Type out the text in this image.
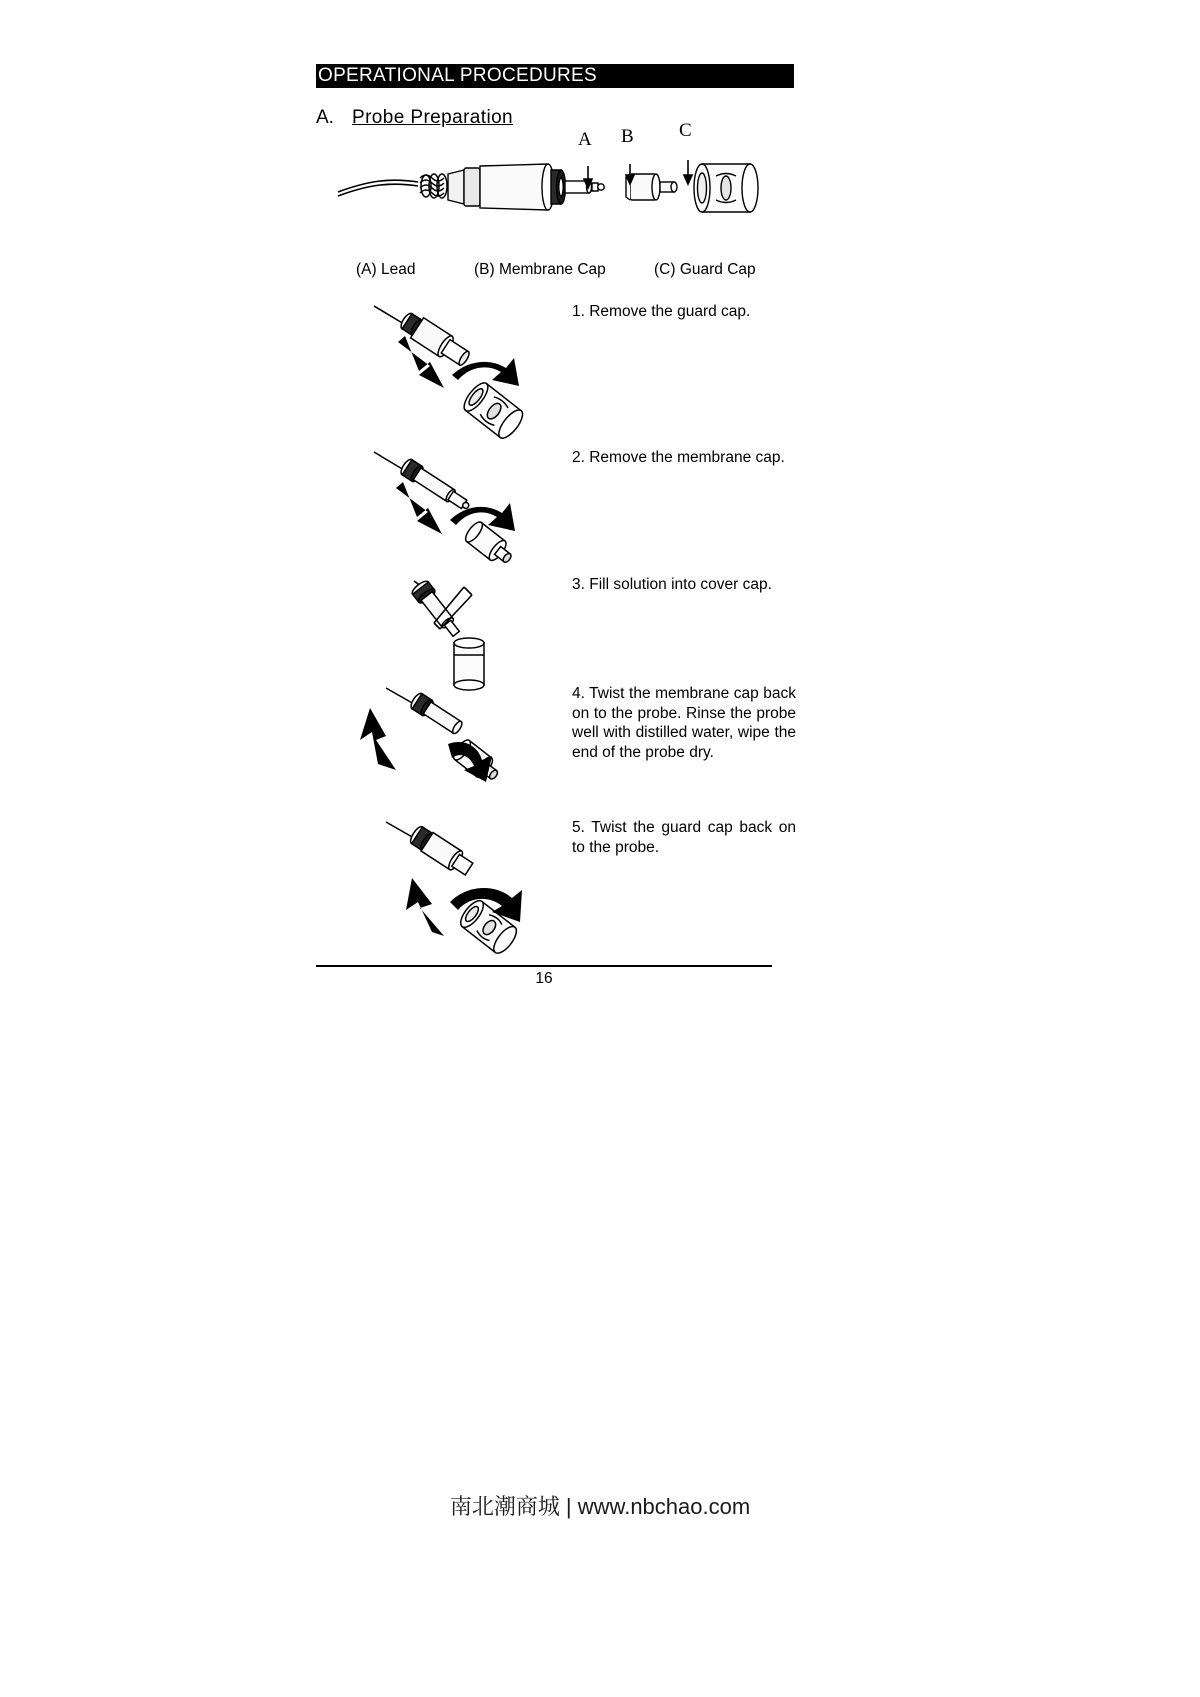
OPERATIONAL PROCEDURES
A. Probe Preparation
A B C
(A) Lead	(B) Membrane Cap	(C) Guard Cap
1. Remove the guard cap.
2. Remove the membrane cap.
3. Fill solution into cover cap.
4. Twist the membrane cap back on to the probe. Rinse the probe well with distilled water, wipe the end of the probe dry.
5. Twist the guard cap back on to the probe.
16
南北潮商城 | www.nbchao.com
